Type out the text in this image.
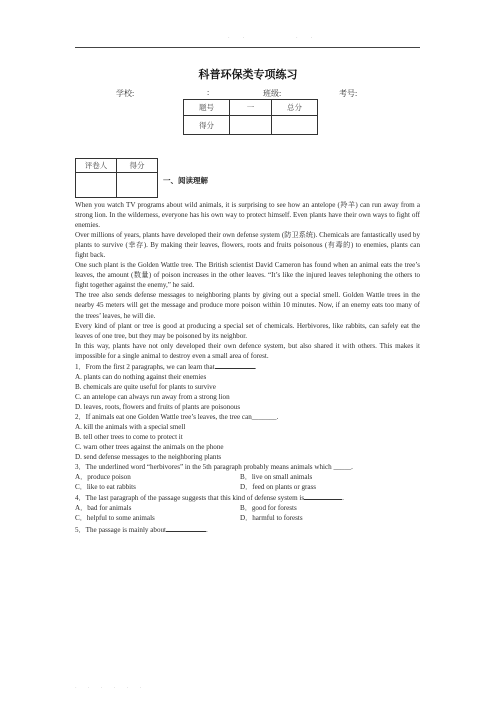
· ·	· ·
科普环保类专项练习
学校:	:	班级:	考号:
题号	一	总分
得分		
评卷人	得分

一、阅读理解

When you watch TV programs about wild animals, it is surprising to see how an antelope (羚羊) can run away from a strong lion. In the wilderness, everyone has his own way to protect himself. Even plants have their own ways to fight off enemies.

Over millions of years, plants have developed their own defense system (防卫系统). Chemicals are fantastically used by plants to survive (幸存). By making their leaves, flowers, roots and fruits poisonous (有毒的) to enemies, plants can fight back.

One such plant is the Golden Wattle tree. The British scientist David Cameron has found when an animal eats the tree’s leaves, the amount (数量) of poison increases in the other leaves. “It’s like the injured leaves telephoning the others to fight together against the enemy,” he said.

The tree also sends defense messages to neighboring plants by giving out a special smell. Golden Wattle trees in the nearby 45 meters will get the message and produce more poison within 10 minutes. Now, if an enemy eats too many of the trees’ leaves, he will die.

Every kind of plant or tree is good at producing a special set of chemicals. Herbivores, like rabbits, can safely eat the leaves of one tree, but they may be poisoned by its neighbor.

In this way, plants have not only developed their own defence system, but also shared it with others. This makes it impossible for a single animal to destroy even a small area of forest.

1．From the first 2 paragraphs, we can learn that	.

A. plants can do nothing against their enemies

B. chemicals are quite useful for plants to survive

C. an antelope can always run away from a strong lion

D. leaves, roots, flowers and fruits of plants are poisonous

2．If animals eat one Golden Wattle tree’s leaves, the tree can_______.

A. kill the animals with a special smell

B. tell other trees to come to protect it

C. warn other trees against the animals on the phone

D. send defense messages to the neighboring plants

3．The underlined word “herbivores” in the 5th paragraph probably means animals which _____.

A．produce poison	B．live on small animals
C．like to eat rabbits	D．feed on plants or grass

4．The last paragraph of the passage suggests that this kind of defense system is	.

A．bad for animals	B．good for forests
C．helpful to some animals	D．harmful to forests

5．The passage is mainly about	.

· · · · · ·
